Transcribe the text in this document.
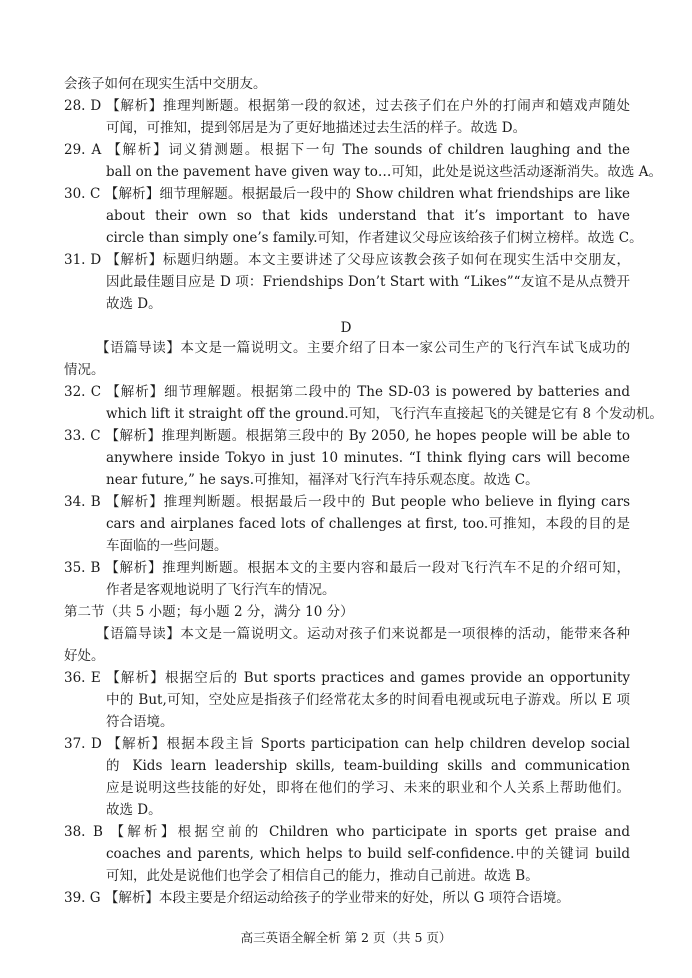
会孩子如何在现实生活中交朋友。
28. D 【解析】推理判断题。根据第一段的叙述，过去孩子们在户外的打闹声和嬉戏声随处
可闻，可推知，提到邻居是为了更好地描述过去生活的样子。故选 D。
29. A 【解析】词义猜测题。根据下一句 The sounds of children laughing and the
ball on the pavement have given way to…可知，此处是说这些活动逐渐消失。故选 A。
30. C 【解析】细节理解题。根据最后一段中的 Show children what friendships are like
about their own so that kids understand that it’s important to have
circle than simply one’s family.可知，作者建议父母应该给孩子们树立榜样。故选 C。
31. D 【解析】标题归纳题。本文主要讲述了父母应该教会孩子如何在现实生活中交朋友，
因此最佳题目应是 D 项：Friendships Don’t Start with “Likes”“友谊不是从点赞开
故选 D。
D
【语篇导读】本文是一篇说明文。主要介绍了日本一家公司生产的飞行汽车试飞成功的
情况。
32. C 【解析】细节理解题。根据第二段中的 The SD-03 is powered by batteries and
which lift it straight off the ground.可知，飞行汽车直接起飞的关键是它有 8 个发动机。
33. C 【解析】推理判断题。根据第三段中的 By 2050, he hopes people will be able to
anywhere inside Tokyo in just 10 minutes. “I think flying cars will become
near future,” he says.可推知，福泽对飞行汽车持乐观态度。故选 C。
34. B 【解析】推理判断题。根据最后一段中的 But people who believe in flying cars
cars and airplanes faced lots of challenges at first, too.可推知，本段的目的是
车面临的一些问题。
35. B 【解析】推理判断题。根据本文的主要内容和最后一段对飞行汽车不足的介绍可知，
作者是客观地说明了飞行汽车的情况。
第二节（共 5 小题；每小题 2 分，满分 10 分）
【语篇导读】本文是一篇说明文。运动对孩子们来说都是一项很棒的活动，能带来各种
好处。
36. E 【解析】根据空后的 But sports practices and games provide an opportunity
中的 But,可知，空处应是指孩子们经常花太多的时间看电视或玩电子游戏。所以 E 项
符合语境。
37. D 【解析】根据本段主旨 Sports participation can help children develop social
的 Kids learn leadership skills, team-building skills and communication
应是说明这些技能的好处，即将在他们的学习、未来的职业和个人关系上帮助他们。
故选 D。
38. B 【解析】根据空前的 Children who participate in sports get praise and
coaches and parents, which helps to build self-confidence.中的关键词 build
可知，此处是说他们也学会了相信自己的能力，推动自己前进。故选 B。
39. G 【解析】本段主要是介绍运动给孩子的学业带来的好处，所以 G 项符合语境。
高三英语全解全析 第 2 页（共 5 页）
